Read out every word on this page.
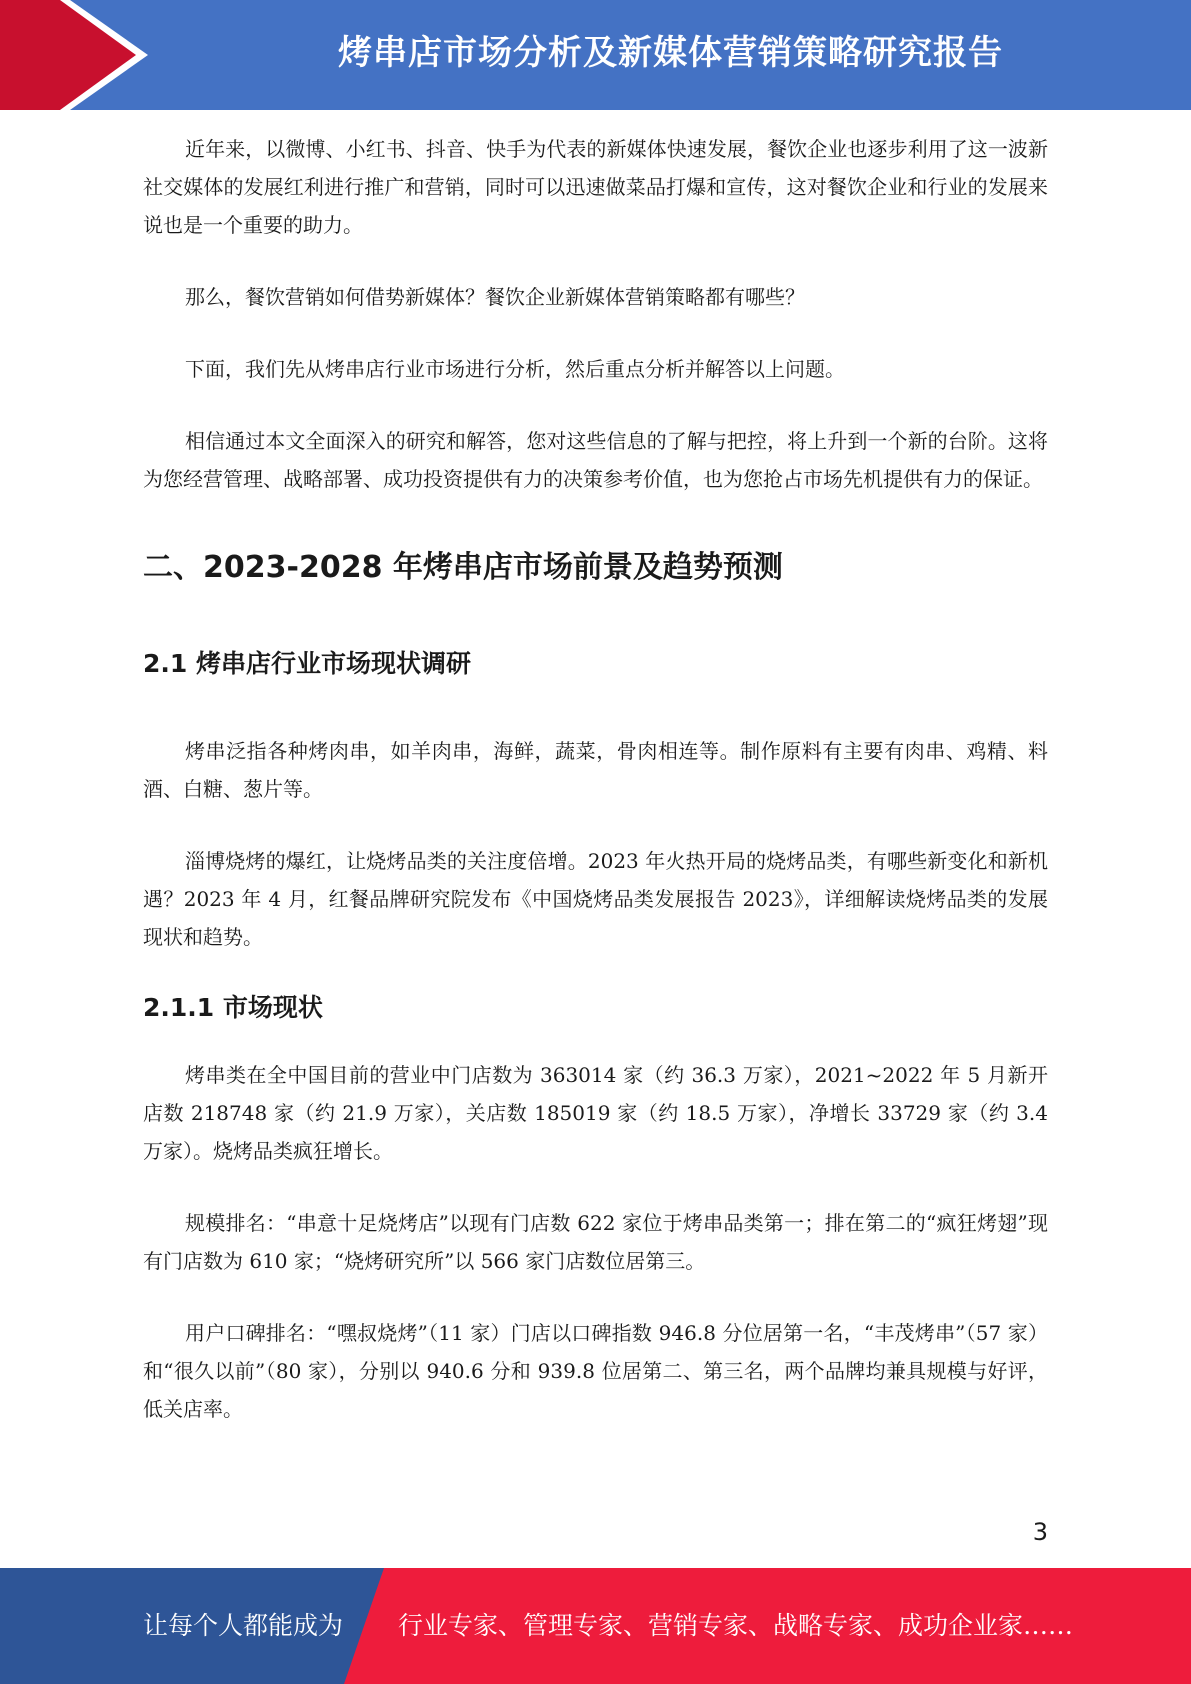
烤串店市场分析及新媒体营销策略研究报告

近年来，以微博、小红书、抖音、快手为代表的新媒体快速发展，餐饮企业也逐步利用了这一波新社交媒体的发展红利进行推广和营销，同时可以迅速做菜品打爆和宣传，这对餐饮企业和行业的发展来说也是一个重要的助力。

那么，餐饮营销如何借势新媒体？餐饮企业新媒体营销策略都有哪些？

下面，我们先从烤串店行业市场进行分析，然后重点分析并解答以上问题。

相信通过本文全面深入的研究和解答，您对这些信息的了解与把控，将上升到一个新的台阶。这将为您经营管理、战略部署、成功投资提供有力的决策参考价值，也为您抢占市场先机提供有力的保证。

二、2023-2028 年烤串店市场前景及趋势预测
2.1 烤串店行业市场现状调研

烤串泛指各种烤肉串，如羊肉串，海鲜，蔬菜，骨肉相连等。制作原料有主要有肉串、鸡精、料酒、白糖、葱片等。

淄博烧烤的爆红，让烧烤品类的关注度倍增。2023 年火热开局的烧烤品类，有哪些新变化和新机遇？2023 年 4 月，红餐品牌研究院发布《中国烧烤品类发展报告 2023》，详细解读烧烤品类的发展现状和趋势。

2.1.1 市场现状

烤串类在全中国目前的营业中门店数为 363014 家（约 36.3 万家），2021~2022 年 5 月新开店数 218748 家（约 21.9 万家），关店数 185019 家（约 18.5 万家），净增长 33729 家（约 3.4 万家）。烧烤品类疯狂增长。

规模排名：“串意十足烧烤店”以现有门店数 622 家位于烤串品类第一；排在第二的“疯狂烤翅”现有门店数为 610 家；“烧烤研究所”以 566 家门店数位居第三。

用户口碑排名：“嘿叔烧烤”（11 家）门店以口碑指数 946.8 分位居第一名，“丰茂烤串”（57 家）和“很久以前”（80 家），分别以 940.6 分和 939.8 位居第二、第三名，两个品牌均兼具规模与好评，低关店率。

3
让每个人都能成为 行业专家、管理专家、营销专家、战略专家、成功企业家……
